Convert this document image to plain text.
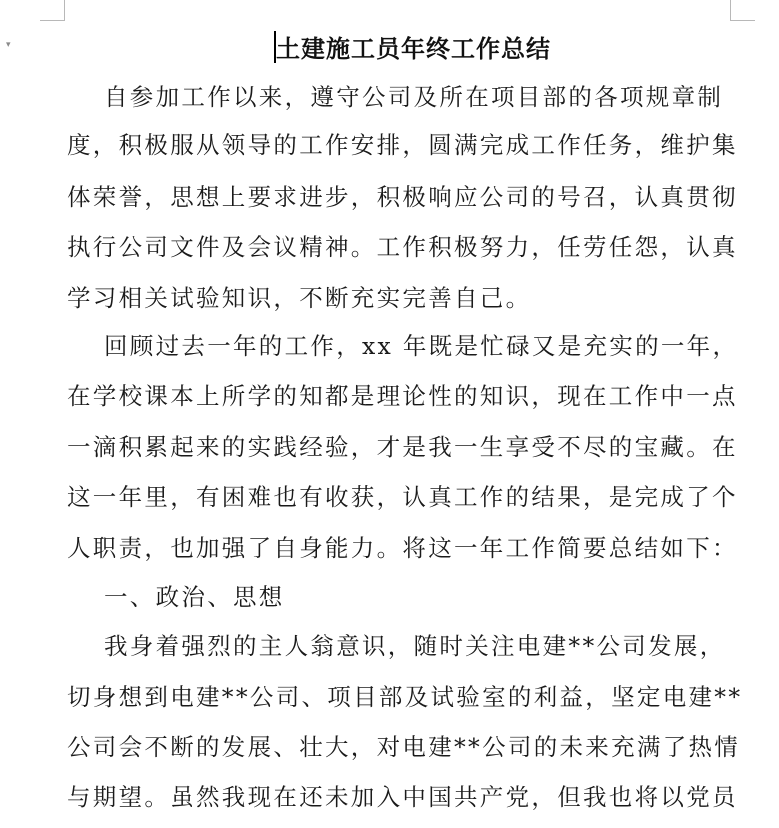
▾	土建施工员年终工作总结
自参加工作以来，遵守公司及所在项目部的各项规章制
度，积极服从领导的工作安排，圆满完成工作任务，维护集
体荣誉，思想上要求进步，积极响应公司的号召，认真贯彻
执行公司文件及会议精神。工作积极努力，任劳任怨，认真
学习相关试验知识，不断充实完善自己。
回顾过去一年的工作，xx 年既是忙碌又是充实的一年，
在学校课本上所学的知都是理论性的知识，现在工作中一点
一滴积累起来的实践经验，才是我一生享受不尽的宝藏。在
这一年里，有困难也有收获，认真工作的结果，是完成了个
人职责，也加强了自身能力。将这一年工作简要总结如下：
一、政治、思想
我身着强烈的主人翁意识，随时关注电建**公司发展，
切身想到电建**公司、项目部及试验室的利益，坚定电建**
公司会不断的发展、壮大，对电建**公司的未来充满了热情
与期望。虽然我现在还未加入中国共产党，但我也将以党员
